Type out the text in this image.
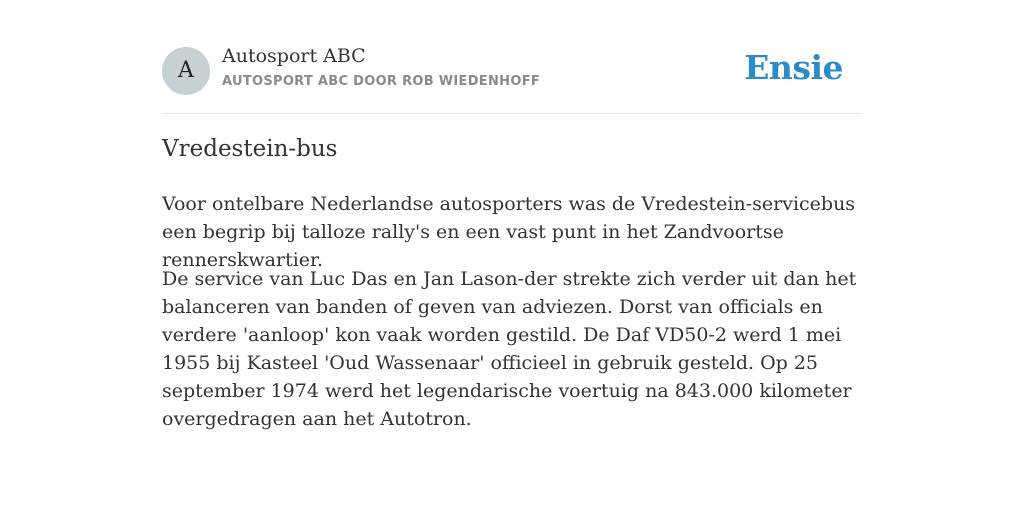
A
Autosport ABC
AUTOSPORT ABC DOOR ROB WIEDENHOFF	Ensie
Vredestein-bus

Voor ontelbare Nederlandse autosporters was de Vredestein-servicebus een begrip bij talloze rally's en een vast punt in het Zandvoortse rennerskwartier.

De service van Luc Das en Jan Lason-der strekte zich verder uit dan het balanceren van banden of geven van adviezen. Dorst van officials en verdere 'aanloop' kon vaak worden gestild. De Daf VD50-2 werd 1 mei 1955 bij Kasteel 'Oud Wassenaar' officieel in gebruik gesteld. Op 25 september 1974 werd het legendarische voertuig na 843.000 kilometer overgedragen aan het Autotron.
